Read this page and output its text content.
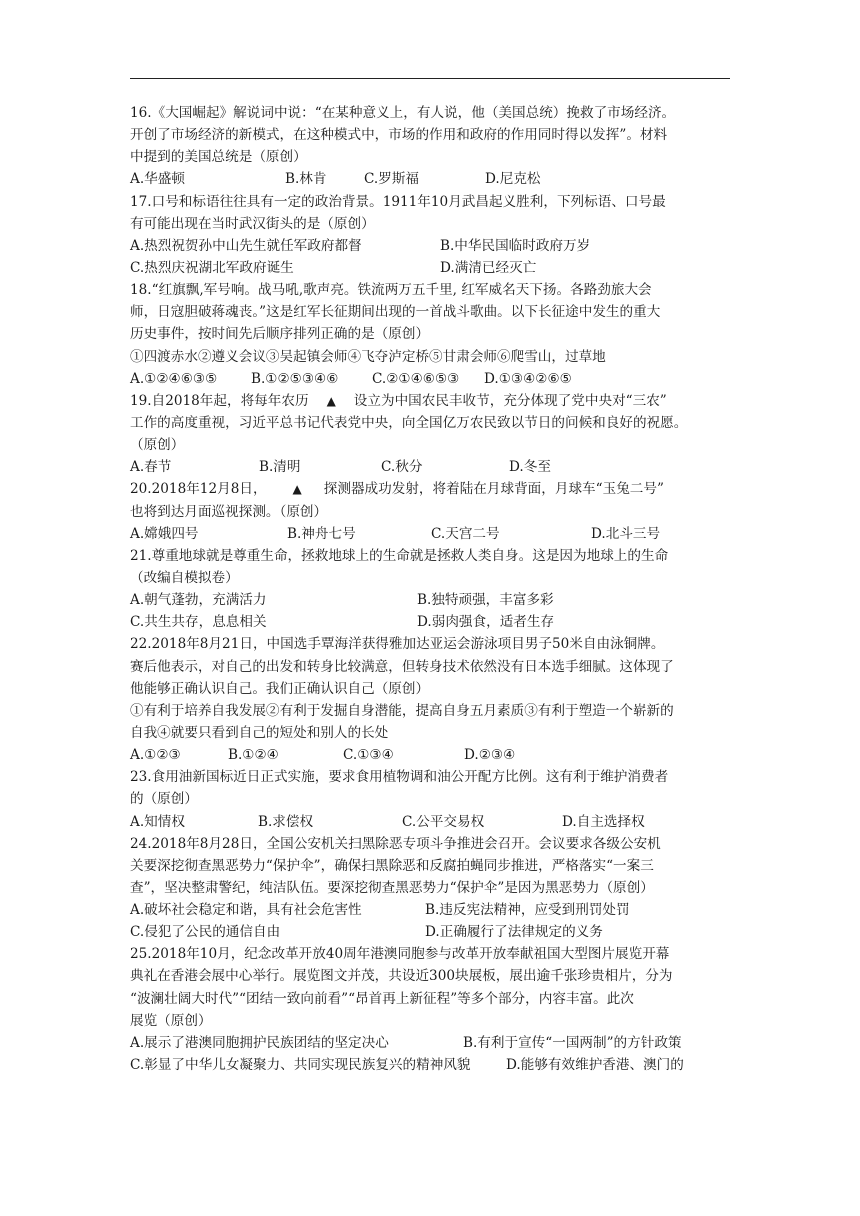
16.《大国崛起》解说词中说：“在某种意义上，有人说，他（美国总统）挽救了市场经济。
开创了市场经济的新模式，在这种模式中，市场的作用和政府的作用同时得以发挥”。材料
中提到的美国总统是（原创）
A.华盛顿	B.林肯	C.罗斯福	D.尼克松
17.口号和标语往往具有一定的政治背景。1911年10月武昌起义胜利，下列标语、口号最
有可能出现在当时武汉街头的是（原创）
A.热烈祝贺孙中山先生就任军政府都督	B.中华民国临时政府万岁
C.热烈庆祝湖北军政府诞生	D.满清已经灭亡
18.“红旗飘,军号响。战马吼,歌声亮。铁流两万五千里, 红军威名天下扬。各路劲旅大会
师，日寇胆破蒋魂丧。”这是红军长征期间出现的一首战斗歌曲。以下长征途中发生的重大
历史事件，按时间先后顺序排列正确的是（原创）
①四渡赤水②遵义会议③吴起镇会师④飞夺泸定桥⑤甘肃会师⑥爬雪山，过草地
A.①②④⑥③⑤	B.①②⑤③④⑥	C.②①④⑥⑤③	D.①③④②⑥⑤
19.自2018年起，将每年农历 ▲ 设立为中国农民丰收节，充分体现了党中央对“三农”
工作的高度重视，习近平总书记代表党中央，向全国亿万农民致以节日的问候和良好的祝愿。
（原创）
A.春节	B.清明	C.秋分	D.冬至
20.2018年12月8日， ▲ 探测器成功发射，将着陆在月球背面，月球车“玉兔二号”
也将到达月面巡视探测。（原创）
A.嫦娥四号	B.神舟七号	C.天宫二号	D.北斗三号
21.尊重地球就是尊重生命，拯救地球上的生命就是拯救人类自身。这是因为地球上的生命
（改编自模拟卷）
A.朝气蓬勃，充满活力	B.独特顽强，丰富多彩
C.共生共存，息息相关	D.弱肉强食，适者生存
22.2018年8月21日，中国选手覃海洋获得雅加达亚运会游泳项目男子50米自由泳铜牌。
赛后他表示，对自己的出发和转身比较满意，但转身技术依然没有日本选手细腻。这体现了
他能够正确认识自己。我们正确认识自己（原创）
①有利于培养自我发展②有利于发掘自身潜能，提高自身五月素质③有利于塑造一个崭新的
自我④就要只看到自己的短处和别人的长处
A.①②③	B.①②④	C.①③④	D.②③④
23.食用油新国标近日正式实施，要求食用植物调和油公开配方比例。这有利于维护消费者
的（原创）
A.知情权	B.求偿权	C.公平交易权	D.自主选择权
24.2018年8月28日，全国公安机关扫黑除恶专项斗争推进会召开。会议要求各级公安机
关要深挖彻查黑恶势力“保护伞”，确保扫黑除恶和反腐拍蝇同步推进，严格落实“一案三
查”，坚决整肃警纪，纯洁队伍。要深挖彻查黑恶势力“保护伞”是因为黑恶势力（原创）
A.破坏社会稳定和谐，具有社会危害性	B.违反宪法精神，应受到刑罚处罚
C.侵犯了公民的通信自由	D.正确履行了法律规定的义务
25.2018年10月，纪念改革开放40周年港澳同胞参与改革开放奉献祖国大型图片展览开幕
典礼在香港会展中心举行。展览图文并茂，共设近300块展板，展出逾千张珍贵相片，分为
“波澜壮阔大时代”“团结一致向前看”“昂首再上新征程”等多个部分，内容丰富。此次
展览（原创）
A.展示了港澳同胞拥护民族团结的坚定决心	B.有利于宣传“一国两制”的方针政策
C.彰显了中华儿女凝聚力、共同实现民族复兴的精神风貌	D.能够有效维护香港、澳门的
